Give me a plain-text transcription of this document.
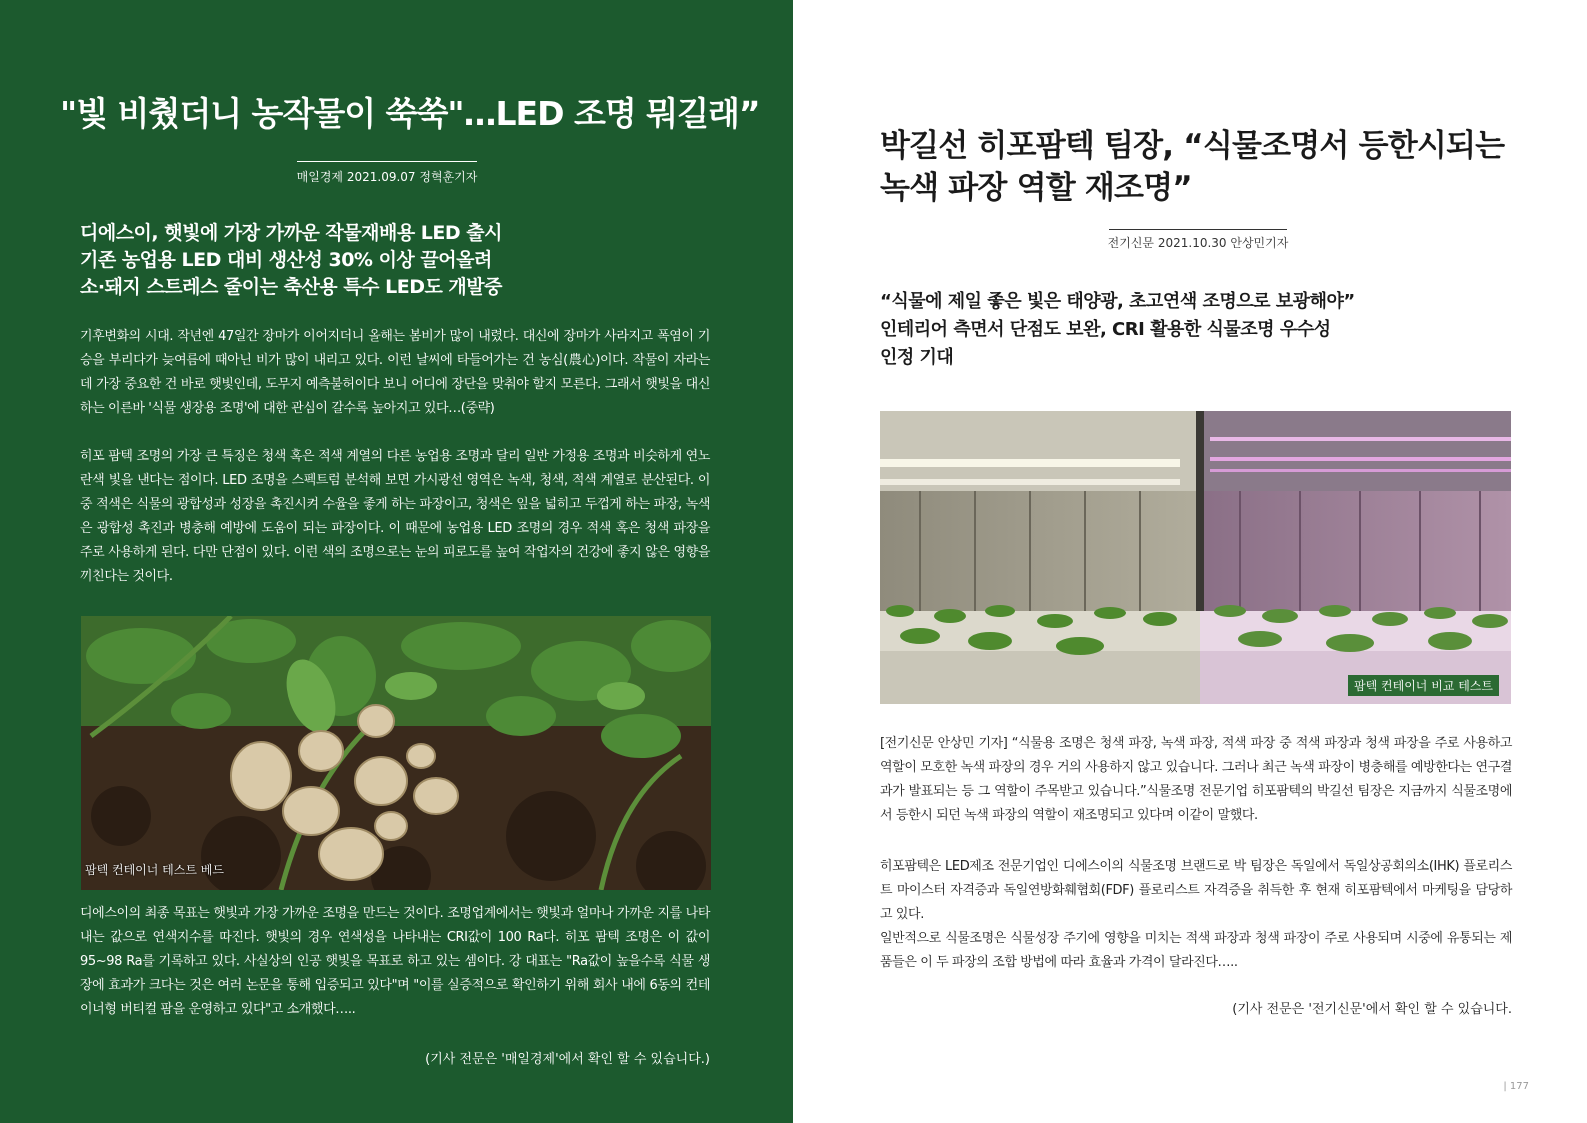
"빛 비췄더니 농작물이 쑥쑥"…LED 조명 뭐길래”
매일경제 2021.09.07 정혁훈기자
디에스이, 햇빛에 가장 가까운 작물재배용 LED 출시
기존 농업용 LED 대비 생산성 30% 이상 끌어올려
소·돼지 스트레스 줄이는 축산용 특수 LED도 개발중

기후변화의 시대. 작년엔 47일간 장마가 이어지더니 올해는 봄비가 많이 내렸다. 대신에 장마가 사라지고 폭염이 기승을 부리다가 늦여름에 때아닌 비가 많이 내리고 있다. 이런 날씨에 타들어가는 건 농심(農心)이다. 작물이 자라는 데 가장 중요한 건 바로 햇빛인데, 도무지 예측불허이다 보니 어디에 장단을 맞춰야 할지 모른다. 그래서 햇빛을 대신하는 이른바 '식물 생장용 조명'에 대한 관심이 갈수록 높아지고 있다…(중략)

히포 팜텍 조명의 가장 큰 특징은 청색 혹은 적색 계열의 다른 농업용 조명과 달리 일반 가정용 조명과 비슷하게 연노란색 빛을 낸다는 점이다. LED 조명을 스펙트럼 분석해 보면 가시광선 영역은 녹색, 청색, 적색 계열로 분산된다. 이 중 적색은 식물의 광합성과 성장을 촉진시켜 수율을 좋게 하는 파장이고, 청색은 잎을 넓히고 두껍게 하는 파장, 녹색은 광합성 촉진과 병충해 예방에 도움이 되는 파장이다. 이 때문에 농업용 LED 조명의 경우 적색 혹은 청색 파장을 주로 사용하게 된다. 다만 단점이 있다. 이런 색의 조명으로는 눈의 피로도를 높여 작업자의 건강에 좋지 않은 영향을 끼친다는 것이다.

팜텍 컨테이너 테스트 베드

디에스이의 최종 목표는 햇빛과 가장 가까운 조명을 만드는 것이다. 조명업계에서는 햇빛과 얼마나 가까운 지를 나타내는 값으로 연색지수를 따진다. 햇빛의 경우 연색성을 나타내는 CRI값이 100 Ra다. 히포 팜텍 조명은 이 값이 95~98 Ra를 기록하고 있다. 사실상의 인공 햇빛을 목표로 하고 있는 셈이다. 강 대표는 "Ra값이 높을수록 식물 생장에 효과가 크다는 것은 여러 논문을 통해 입증되고 있다"며 "이를 실증적으로 확인하기 위해 회사 내에 6동의 컨테이너형 버티컬 팜을 운영하고 있다"고 소개했다…..

(기사 전문은 '매일경제'에서 확인 할 수 있습니다.)
박길선 히포팜텍 팀장, “식물조명서 등한시되는
녹색 파장 역할 재조명”
전기신문 2021.10.30 안상민기자
“식물에 제일 좋은 빛은 태양광, 초고연색 조명으로 보광해야”
인테리어 측면서 단점도 보완, CRI 활용한 식물조명 우수성
인정 기대
팜텍 컨테이너 비교 테스트

[전기신문 안상민 기자] “식물용 조명은 청색 파장, 녹색 파장, 적색 파장 중 적색 파장과 청색 파장을 주로 사용하고 역할이 모호한 녹색 파장의 경우 거의 사용하지 않고 있습니다. 그러나 최근 녹색 파장이 병충해를 예방한다는 연구결과가 발표되는 등 그 역할이 주목받고 있습니다.”식물조명 전문기업 히포팜텍의 박길선 팀장은 지금까지 식물조명에서 등한시 되던 녹색 파장의 역할이 재조명되고 있다며 이같이 말했다.

히포팜텍은 LED제조 전문기업인 디에스이의 식물조명 브랜드로 박 팀장은 독일에서 독일상공회의소(IHK) 플로리스트 마이스터 자격증과 독일연방화훼협회(FDF) 플로리스트 자격증을 취득한 후 현재 히포팜텍에서 마케팅을 담당하고 있다.
일반적으로 식물조명은 식물성장 주기에 영향을 미치는 적색 파장과 청색 파장이 주로 사용되며 시중에 유통되는 제품들은 이 두 파장의 조합 방법에 따라 효율과 가격이 달라진다…..

(기사 전문은 '전기신문'에서 확인 할 수 있습니다.
| 177
